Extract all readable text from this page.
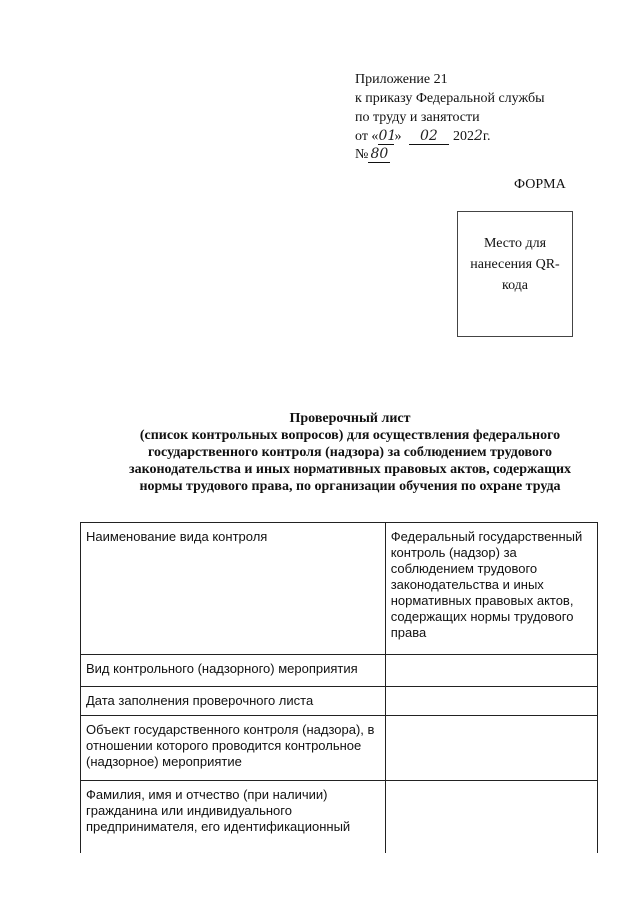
Приложение 21
к приказу Федеральной службы
по труду и занятости
от «01» 02 2022г.
№ 80
ФОРМА
Место для нанесения QR-кода
Проверочный лист
(список контрольных вопросов) для осуществления федерального
государственного контроля (надзора) за соблюдением трудового
законодательства и иных нормативных правовых актов, содержащих
нормы трудового права, по организации обучения по охране труда
Наименование вида контроля	Федеральный государственный контроль (надзор) за соблюдением трудового законодательства и иных нормативных правовых актов, содержащих нормы трудового права
Вид контрольного (надзорного) мероприятия	
Дата заполнения проверочного листа	
Объект государственного контроля (надзора), в отношении которого проводится контрольное (надзорное) мероприятие	
Фамилия, имя и отчество (при наличии) гражданина или индивидуального предпринимателя, его идентификационный	
